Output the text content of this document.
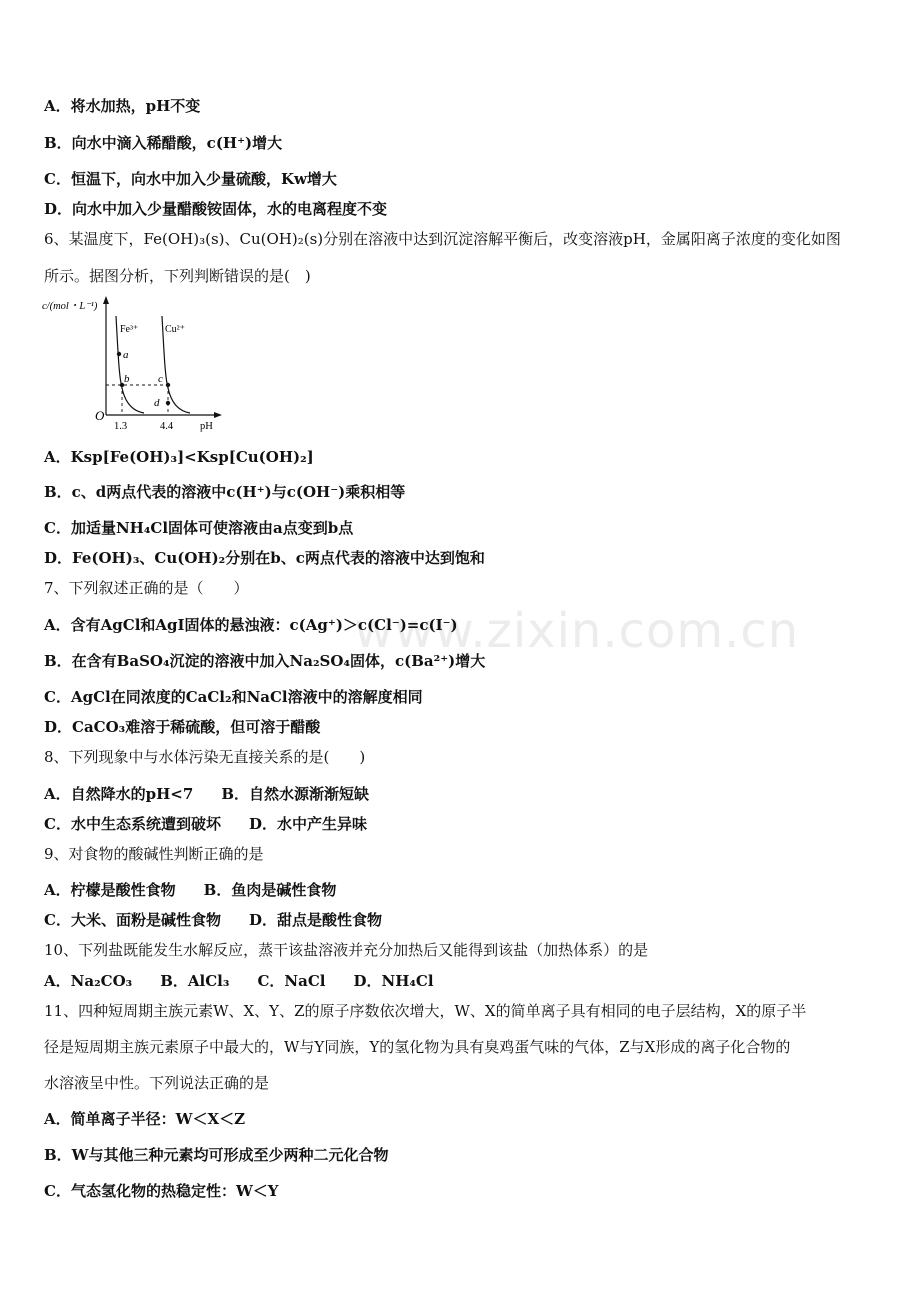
www.zixin.com.cn
A．将水加热，pH不变
B．向水中滴入稀醋酸，c(H⁺)增大
C．恒温下，向水中加入少量硫酸，Kw增大
D．向水中加入少量醋酸铵固体，水的电离程度不变
6、某温度下，Fe(OH)₃(s)、Cu(OH)₂(s)分别在溶液中达到沉淀溶解平衡后，改变溶液pH，金属阳离子浓度的变化如图
所示。据图分析，下列判断错误的是(　)
c/(mol・L⁻¹)
Fe³⁺	Cu²⁺
a
b	c
d
O
1.3	4.4	pH
A．Ksp[Fe(OH)₃]<Ksp[Cu(OH)₂]
B．c、d两点代表的溶液中c(H⁺)与c(OH⁻)乘积相等
C．加适量NH₄Cl固体可使溶液由a点变到b点
D．Fe(OH)₃、Cu(OH)₂分别在b、c两点代表的溶液中达到饱和
7、下列叙述正确的是（　　）
A．含有AgCl和AgI固体的悬浊液：c(Ag⁺)＞c(Cl⁻)=c(I⁻)
B．在含有BaSO₄沉淀的溶液中加入Na₂SO₄固体，c(Ba²⁺)增大
C．AgCl在同浓度的CaCl₂和NaCl溶液中的溶解度相同
D．CaCO₃难溶于稀硫酸，但可溶于醋酸
8、下列现象中与水体污染无直接关系的是(　　)
A．自然降水的pH<7 B．自然水源渐渐短缺
C．水中生态系统遭到破坏 D．水中产生异味
9、对食物的酸碱性判断正确的是
A．柠檬是酸性食物 B．鱼肉是碱性食物
C．大米、面粉是碱性食物 D．甜点是酸性食物
10、下列盐既能发生水解反应，蒸干该盐溶液并充分加热后又能得到该盐（加热体系）的是
A．Na₂CO₃ B．AlCl₃ C．NaCl D．NH₄Cl
11、四种短周期主族元素W、X、Y、Z的原子序数依次增大，W、X的简单离子具有相同的电子层结构，X的原子半
径是短周期主族元素原子中最大的，W与Y同族，Y的氢化物为具有臭鸡蛋气味的气体，Z与X形成的离子化合物的
水溶液呈中性。下列说法正确的是
A．简单离子半径：W＜X＜Z
B．W与其他三种元素均可形成至少两种二元化合物
C．气态氢化物的热稳定性：W＜Y
